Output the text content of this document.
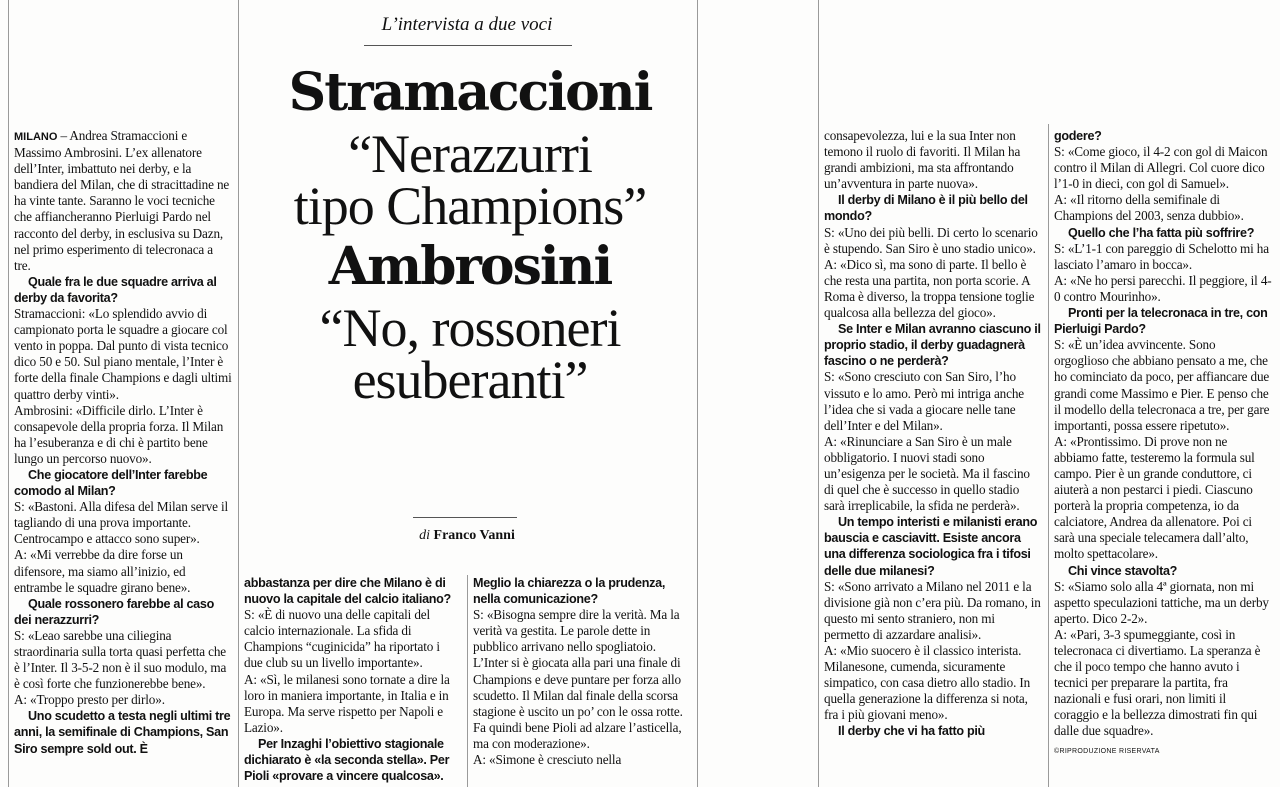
L’intervista a due voci
Stramaccioni
“Nerazzurri
tipo Champions”
Ambrosini
“No, rossoneri
esuberanti”
di Franco Vanni

MILANO – Andrea Stramaccioni e Massimo Ambrosini. L’ex allenatore dell’Inter, imbattuto nei derby, e la bandiera del Milan, che di stracittadine ne ha vinte tante. Saranno le voci tecniche che affiancheranno Pierluigi Pardo nel racconto del derby, in esclusiva su Dazn, nel primo esperimento di telecronaca a tre.

Quale fra le due squadre arriva al derby da favorita?

Stramaccioni: «Lo splendido avvio di campionato porta le squadre a giocare col vento in poppa. Dal punto di vista tecnico dico 50 e 50. Sul piano mentale, l’Inter è forte della finale Champions e dagli ultimi quattro derby vinti».

Ambrosini: «Difficile dirlo. L’Inter è consapevole della propria forza. Il Milan ha l’esuberanza e di chi è partito bene lungo un percorso nuovo».

Che giocatore dell’Inter farebbe comodo al Milan?

S: «Bastoni. Alla difesa del Milan serve il tagliando di una prova importante. Centrocampo e attacco sono super».

A: «Mi verrebbe da dire forse un difensore, ma siamo all’inizio, ed entrambe le squadre girano bene».

Quale rossonero farebbe al caso dei nerazzurri?

S: «Leao sarebbe una ciliegina straordinaria sulla torta quasi perfetta che è l’Inter. Il 3-5-2 non è il suo modulo, ma è così forte che funzionerebbe bene».

A: «Troppo presto per dirlo».

Uno scudetto a testa negli ultimi tre anni, la semifinale di Champions, San Siro sempre sold out. È

abbastanza per dire che Milano è di nuovo la capitale del calcio italiano?

S: «È di nuovo una delle capitali del calcio internazionale. La sfida di Champions “cuginicida” ha riportato i due club su un livello importante».

A: «Sì, le milanesi sono tornate a dire la loro in maniera importante, in Italia e in Europa. Ma serve rispetto per Napoli e Lazio».

Per Inzaghi l’obiettivo stagionale dichiarato è «la seconda stella». Per Pioli «provare a vincere qualcosa».

Meglio la chiarezza o la prudenza, nella comunicazione?

S: «Bisogna sempre dire la verità. Ma la verità va gestita. Le parole dette in pubblico arrivano nello spogliatoio. L’Inter si è giocata alla pari una finale di Champions e deve puntare per forza allo scudetto. Il Milan dal finale della scorsa stagione è uscito un po’ con le ossa rotte. Fa quindi bene Pioli ad alzare l’asticella, ma con moderazione».

A: «Simone è cresciuto nella

consapevolezza, lui e la sua Inter non temono il ruolo di favoriti. Il Milan ha grandi ambizioni, ma sta affrontando un’avventura in parte nuova».

Il derby di Milano è il più bello del mondo?

S: «Uno dei più belli. Di certo lo scenario è stupendo. San Siro è uno stadio unico».

A: «Dico sì, ma sono di parte. Il bello è che resta una partita, non porta scorie. A Roma è diverso, la troppa tensione toglie qualcosa alla bellezza del gioco».

Se Inter e Milan avranno ciascuno il proprio stadio, il derby guadagnerà fascino o ne perderà?

S: «Sono cresciuto con San Siro, l’ho vissuto e lo amo. Però mi intriga anche l’idea che si vada a giocare nelle tane dell’Inter e del Milan».

A: «Rinunciare a San Siro è un male obbligatorio. I nuovi stadi sono un’esigenza per le società. Ma il fascino di quel che è successo in quello stadio sarà irreplicabile, la sfida ne perderà».

Un tempo interisti e milanisti erano bauscia e casciavitt. Esiste ancora una differenza sociologica fra i tifosi delle due milanesi?

S: «Sono arrivato a Milano nel 2011 e la divisione già non c’era più. Da romano, in questo mi sento straniero, non mi permetto di azzardare analisi».

A: «Mio suocero è il classico interista. Milanesone, cumenda, sicuramente simpatico, con casa dietro allo stadio. In quella generazione la differenza si nota, fra i più giovani meno».

Il derby che vi ha fatto più

godere?

S: «Come gioco, il 4-2 con gol di Maicon contro il Milan di Allegri. Col cuore dico l’1-0 in dieci, con gol di Samuel».

A: «Il ritorno della semifinale di Champions del 2003, senza dubbio».

Quello che l’ha fatta più soffrire?

S: «L’1-1 con pareggio di Schelotto mi ha lasciato l’amaro in bocca».

A: «Ne ho persi parecchi. Il peggiore, il 4-0 contro Mourinho».

Pronti per la telecronaca in tre, con Pierluigi Pardo?

S: «È un’idea avvincente. Sono orgoglioso che abbiano pensato a me, che ho cominciato da poco, per affiancare due grandi come Massimo e Pier. E penso che il modello della telecronaca a tre, per gare importanti, possa essere ripetuto».

A: «Prontissimo. Di prove non ne abbiamo fatte, testeremo la formula sul campo. Pier è un grande conduttore, ci aiuterà a non pestarci i piedi. Ciascuno porterà la propria competenza, io da calciatore, Andrea da allenatore. Poi ci sarà una speciale telecamera dall’alto, molto spettacolare».

Chi vince stavolta?

S: «Siamo solo alla 4ª giornata, non mi aspetto speculazioni tattiche, ma un derby aperto. Dico 2-2».

A: «Pari, 3-3 spumeggiante, così in telecronaca ci divertiamo. La speranza è che il poco tempo che hanno avuto i tecnici per preparare la partita, fra nazionali e fusi orari, non limiti il coraggio e la bellezza dimostrati fin qui dalle due squadre».

©RIPRODUZIONE RISERVATA
